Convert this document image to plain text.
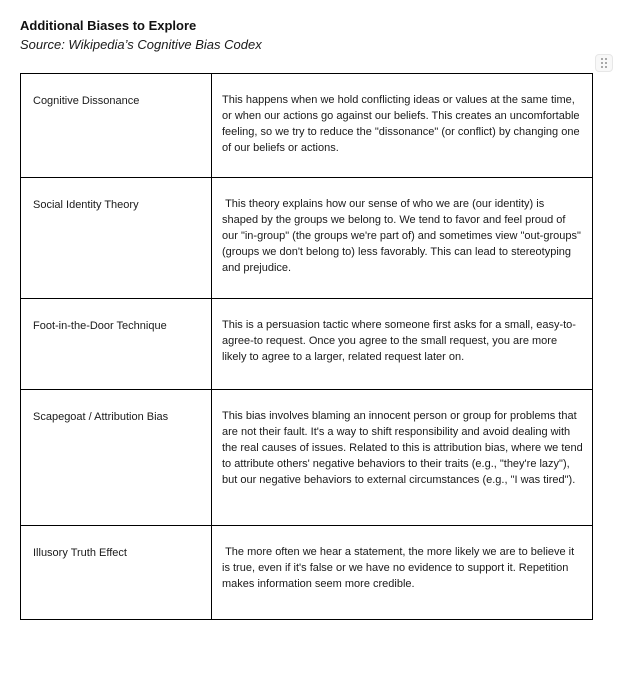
Additional Biases to Explore
Source: Wikipedia’s Cognitive Bias Codex
Cognitive Dissonance	This happens when we hold conflicting ideas or values at the same time, or when our actions go against our beliefs. This creates an uncomfortable feeling, so we try to reduce the "dissonance" (or conflict) by changing one of our beliefs or actions.
Social Identity Theory	This theory explains how our sense of who we are (our identity) is shaped by the groups we belong to. We tend to favor and feel proud of our "in-group" (the groups we're part of) and sometimes view "out-groups" (groups we don't belong to) less favorably. This can lead to stereotyping and prejudice.
Foot-in-the-Door Technique	This is a persuasion tactic where someone first asks for a small, easy-to-agree-to request. Once you agree to the small request, you are more likely to agree to a larger, related request later on.
Scapegoat / Attribution Bias	This bias involves blaming an innocent person or group for problems that are not their fault. It's a way to shift responsibility and avoid dealing with the real causes of issues. Related to this is attribution bias, where we tend to attribute others' negative behaviors to their traits (e.g., "they're lazy"), but our negative behaviors to external circumstances (e.g., "I was tired").
Illusory Truth Effect	The more often we hear a statement, the more likely we are to believe it is true, even if it's false or we have no evidence to support it. Repetition makes information seem more credible.
